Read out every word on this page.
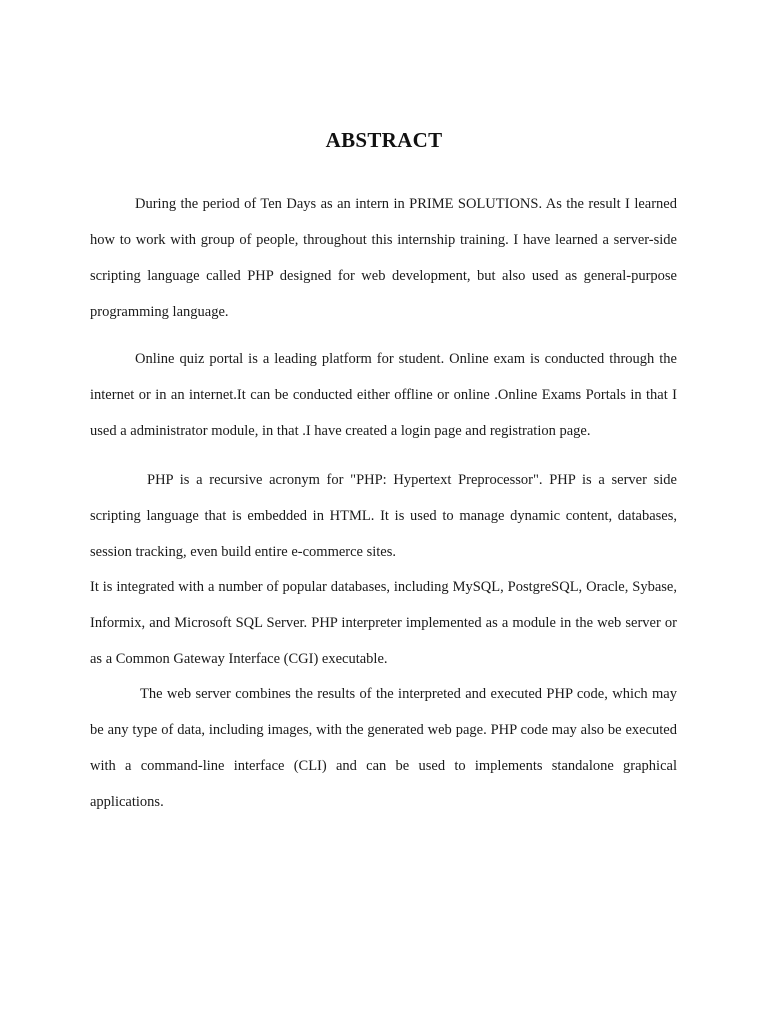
ABSTRACT

During the period of Ten Days as an intern in PRIME SOLUTIONS. As the result I learned how to work with group of people, throughout this internship training. I have learned a server-side scripting language called PHP designed for web development, but also used as general-purpose programming language.

Online quiz portal is a leading platform for student. Online exam is conducted through the internet or in an internet.It can be conducted either offline or online .Online Exams Portals in that I used a administrator module, in that .I have created a login page and registration page.

PHP is a recursive acronym for "PHP: Hypertext Preprocessor". PHP is a server side scripting language that is embedded in HTML. It is used to manage dynamic content, databases, session tracking, even build entire e-commerce sites.

It is integrated with a number of popular databases, including MySQL, PostgreSQL, Oracle, Sybase, Informix, and Microsoft SQL Server. PHP interpreter implemented as a module in the web server or as a Common Gateway Interface (CGI) executable.

The web server combines the results of the interpreted and executed PHP code, which may be any type of data, including images, with the generated web page. PHP code may also be executed with a command-line interface (CLI) and can be used to implements standalone graphical applications.
